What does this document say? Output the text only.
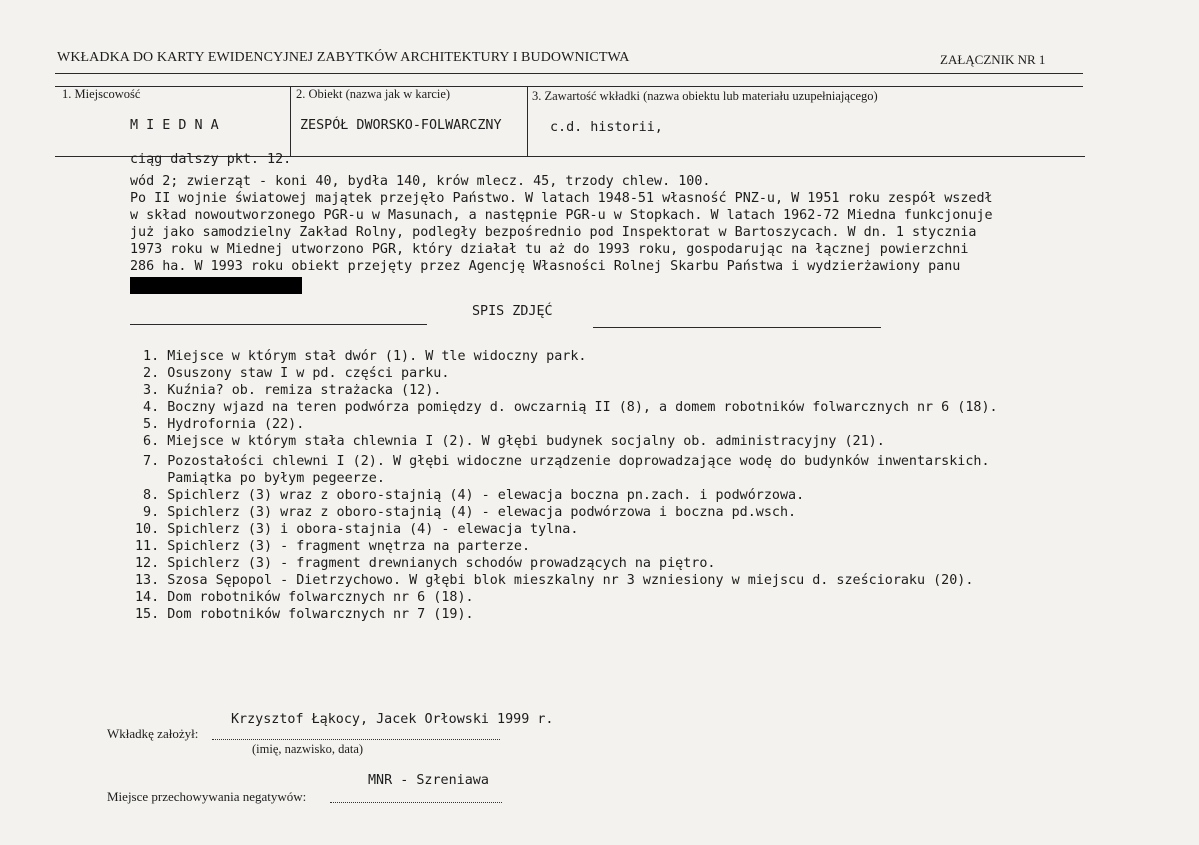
WKŁADKA DO KARTY EWIDENCYJNEJ ZABYTKÓW ARCHITEKTURY I BUDOWNICTWA	ZAŁĄCZNIK NR 1
1. Miejscowość
M I E D N A
2. Obiekt (nazwa jak w karcie)
ZESPÓŁ DWORSKO-FOLWARCZNY
3. Zawartość wkładki (nazwa obiektu lub materiału uzupełniającego)
c.d. historii,
ciąg dalszy pkt. 12.
wód 2; zwierząt - koni 40, bydła 140, krów mlecz. 45, trzody chlew. 100.
Po II wojnie światowej majątek przejęło Państwo. W latach 1948-51 własność PNZ-u, W 1951 roku zespół wszedł
w skład nowoutworzonego PGR-u w Masunach, a następnie PGR-u w Stopkach. W latach 1962-72 Miedna funkcjonuje
już jako samodzielny Zakład Rolny, podległy bezpośrednio pod Inspektorat w Bartoszycach. W dn. 1 stycznia
1973 roku w Miednej utworzono PGR, który działał tu aż do 1993 roku, gospodarując na łącznej powierzchni
286 ha. W 1993 roku obiekt przejęty przez Agencję Własności Rolnej Skarbu Państwa i wydzierżawiony panu
SPIS ZDJĘĆ
1. Miejsce w którym stał dwór (1). W tle widoczny park.
2. Osuszony staw I w pd. części parku.
3. Kuźnia? ob. remiza strażacka (12).
4. Boczny wjazd na teren podwórza pomiędzy d. owczarnią II (8), a domem robotników folwarcznych nr 6 (18).
5. Hydrofornia (22).
6. Miejsce w którym stała chlewnia I (2). W głębi budynek socjalny ob. administracyjny (21).
7. Pozostałości chlewni I (2). W głębi widoczne urządzenie doprowadzające wodę do budynków inwentarskich.
Pamiątka po byłym pegeerze.
8. Spichlerz (3) wraz z oboro-stajnią (4) - elewacja boczna pn.zach. i podwórzowa.
9. Spichlerz (3) wraz z oboro-stajnią (4) - elewacja podwórzowa i boczna pd.wsch.
10. Spichlerz (3) i obora-stajnia (4) - elewacja tylna.
11. Spichlerz (3) - fragment wnętrza na parterze.
12. Spichlerz (3) - fragment drewnianych schodów prowadzących na piętro.
13. Szosa Sępopol - Dietrzychowo. W głębi blok mieszkalny nr 3 wzniesiony w miejscu d. sześcioraku (20).
14. Dom robotników folwarcznych nr 6 (18).
15. Dom robotników folwarcznych nr 7 (19).
Krzysztof Łąkocy, Jacek Orłowski 1999 r.
Wkładkę założył:
(imię, nazwisko, data)
MNR - Szreniawa
Miejsce przechowywania negatywów:
